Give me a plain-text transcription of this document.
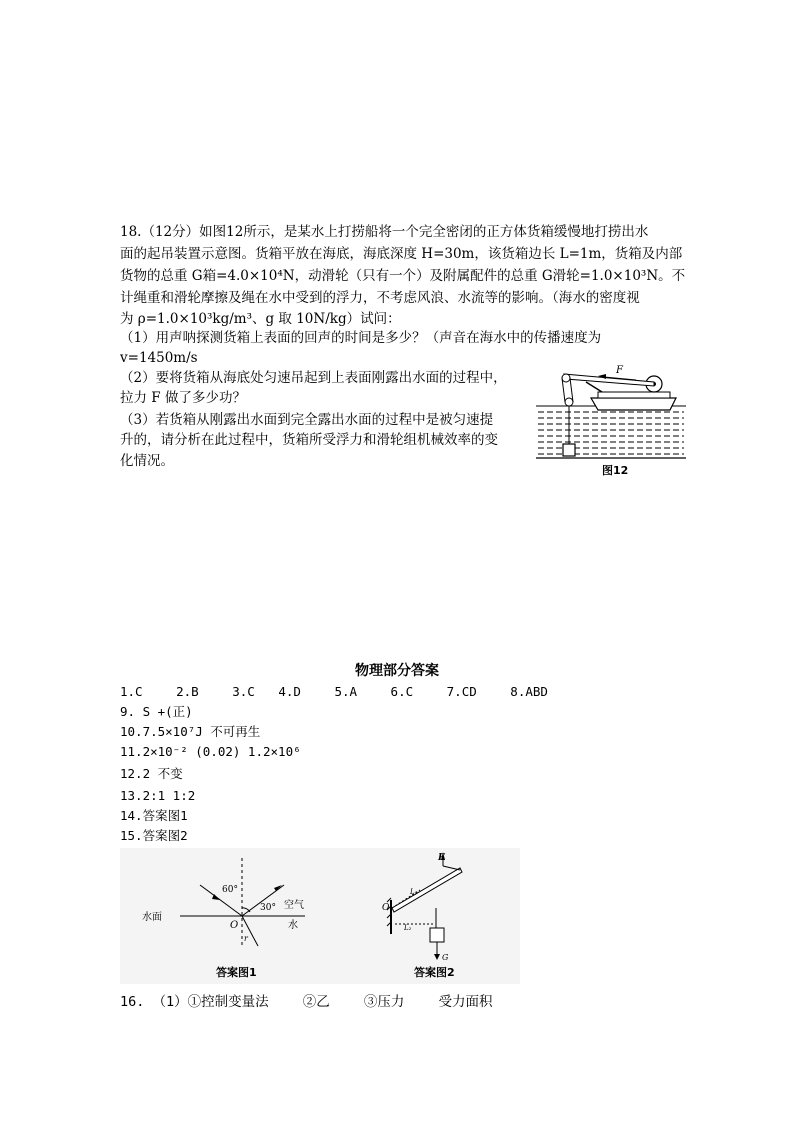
18.（12分）如图12所示，是某水上打捞船将一个完全密闭的正方体货箱缓慢地打捞出水
面的起吊装置示意图。货箱平放在海底，海底深度 H=30m，该货箱边长 L=1m，货箱及内部
货物的总重 G箱=4.0×10⁴N，动滑轮（只有一个）及附属配件的总重 G滑轮=1.0×10³N。不
计绳重和滑轮摩擦及绳在水中受到的浮力，不考虑风浪、水流等的影响。（海水的密度视
为 ρ=1.0×10³kg/m³、g 取 10N/kg）试问：
（1）用声呐探测货箱上表面的回声的时间是多少？（声音在海水中的传播速度为
v=1450m/s
（2）要将货箱从海底处匀速吊起到上表面刚露出水面的过程中，
拉力 F 做了多少功？
（3）若货箱从刚露出水面到完全露出水面的过程中是被匀速提
升的，请分析在此过程中，货箱所受浮力和滑轮组机械效率的变
化情况。
F
图12
物理部分答案
1.C	2.B	3.C 4.D	5.A	6.C	7.CD	8.ABD
9. S +(正)
10.7.5×10⁷J 不可再生
11.2×10⁻² (0.02) 1.2×10⁶
12.2 不变
13.2:1 1:2
14.答案图1
15.答案图2
60°
30° 空气
水
水面
O
r
答案图1
F
O
L₁
L₂
G
答案图2
16. （1）①控制变量法	②乙	③压力	受力面积
